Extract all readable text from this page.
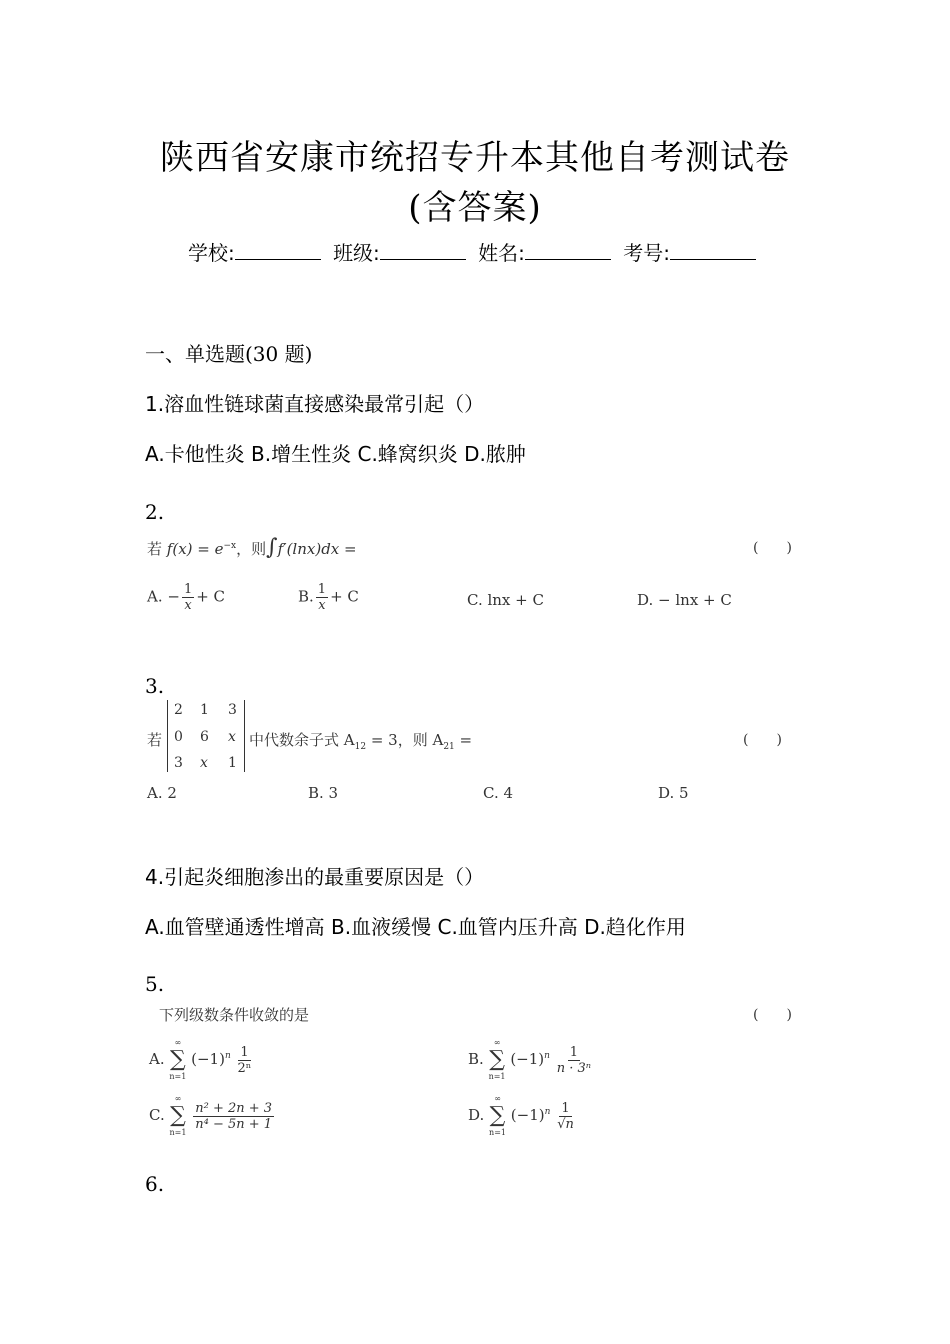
陕西省安康市统招专升本其他自考测试卷
(含答案)
学校:	班级:	姓名:	考号:
一、单选题(30 题)
1.溶血性链球菌直接感染最常引起（）
A.卡他性炎 B.增生性炎 C.蜂窝织炎 D.脓肿
2.
若 $f(x) = e^{-x}$，则∫f′(lnx)dx =	(　　)
A. − $\frac{1}{x} + C$	B. $\frac{1}{x} + C$	C. lnx + C	D. − lnx + C
3.
若
2 1 3
0 6 x
3 x 1
中代数余子式 $A_{12} = 3$，则 $A_{21}$ =	(　　)
A. 2	B. 3	C. 4	D. 5
4.引起炎细胞渗出的最重要原因是（）
A.血管壁通透性增高 B.血液缓慢 C.血管内压升高 D.趋化作用
5.
下列级数条件收敛的是	(　　)
A.
∞
∑
n=1
$(-1)^n \frac{1}{\text{2ⁿ}}$	B.
∞
∑
n=1
$(-1)^n \frac{1}{\text{n · 3ⁿ}}$
C.
∞
∑
n=1

$\frac{\text{n² + 2n + 3}}{\text{n⁴ − 5n + 1}}$	D.
∞
∑
n=1
$(-1)^n \frac{1}{√n}$
6.
